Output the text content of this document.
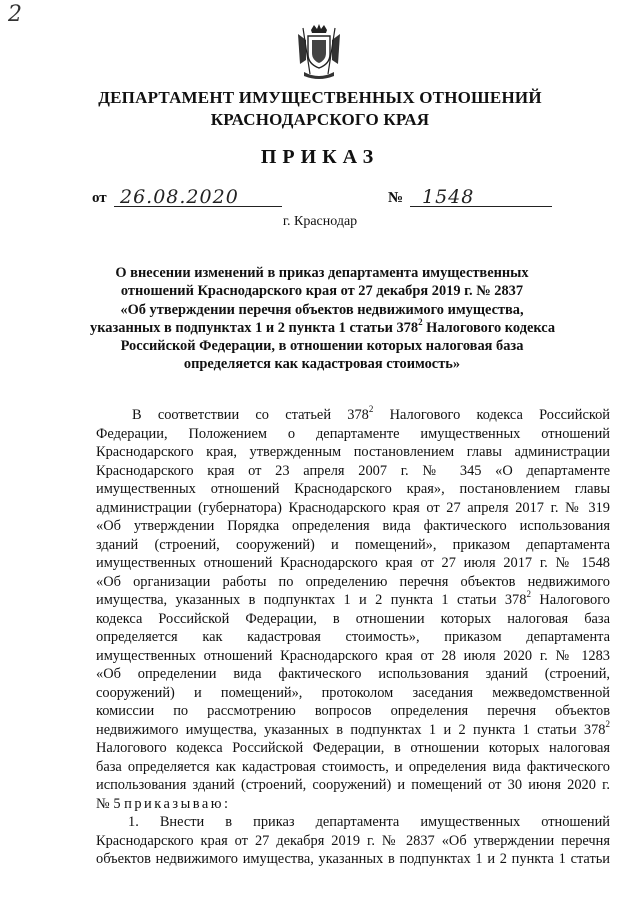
2
ДЕПАРТАМЕНТ ИМУЩЕСТВЕННЫХ ОТНОШЕНИЙ
КРАСНОДАРСКОГО КРАЯ
ПРИКАЗ
от 26.08.2020	№ 1548
г. Краснодар
О внесении изменений в приказ департамента имущественных
отношений Краснодарского края от 27 декабря 2019 г. № 2837
«Об утверждении перечня объектов недвижимого имущества,
указанных в подпунктах 1 и 2 пункта 1 статьи $378^2$ Налогового кодекса
Российской Федерации, в отношении которых налоговая база
определяется как кадастровая стоимость»
В соответствии со статьей $378^2$ Налогового кодекса Российской
Федерации, Положением о департаменте имущественных отношений
Краснодарского края, утвержденным постановлением главы администрации
Краснодарского края от 23 апреля 2007 г. № 345 «О департаменте
имущественных отношений Краснодарского края», постановлением главы
администрации (губернатора) Краснодарского края от 27 апреля 2017 г. № 319
«Об утверждении Порядка определения вида фактического использования
зданий (строений, сооружений) и помещений», приказом департамента
имущественных отношений Краснодарского края от 27 июля 2017 г. № 1548
«Об организации работы по определению перечня объектов недвижимого
имущества, указанных в подпунктах 1 и 2 пункта 1 статьи $378^2$ Налогового
кодекса Российской Федерации, в отношении которых налоговая база
определяется как кадастровая стоимость», приказом департамента
имущественных отношений Краснодарского края от 28 июля 2020 г. № 1283
«Об определении вида фактического использования зданий (строений,
сооружений) и помещений», протоколом заседания межведомственной
комиссии по рассмотрению вопросов определения перечня объектов
недвижимого имущества, указанных в подпунктах 1 и 2 пункта 1 статьи $378^2$
Налогового кодекса Российской Федерации, в отношении которых налоговая
база определяется как кадастровая стоимость, и определения вида фактического
использования зданий (строений, сооружений) и помещений от 30 июня 2020 г.
№ 5 приказываю:
1. Внести в приказ департамента имущественных отношений
Краснодарского края от 27 декабря 2019 г. № 2837 «Об утверждении перечня
объектов недвижимого имущества, указанных в подпунктах 1 и 2 пункта 1 статьи
